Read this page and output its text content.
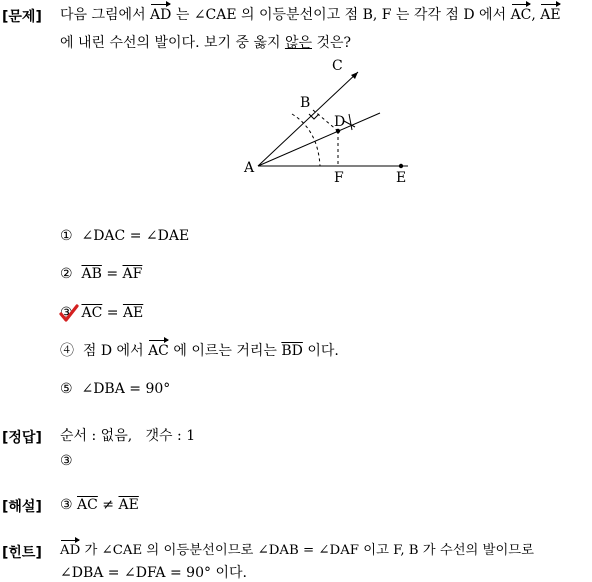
[문제] 다음 그림에서 AD 는 ∠CAE 의 이등분선이고 점 B, F 는 각각 점 D 에서 AC, AE
에 내린 수선의 발이다. 보기 중 옳지 않은 것은?
A
B
C
D
E
F
① ∠DAC = ∠DAE
② $\overline{AB} = \overline{AF}$
③ $\overline{AC} = \overline{AE}$
④ 점 D 에서 AC 에 이르는 거리는 $\overline{BD}$ 이다.
⑤ ∠DBA = 90°
[정답] 순서 : 없음, 갯수 : 1
③
[해설] ③ $\overline{AC} \ne \overline{AE}$
[힌트] AD 가 ∠CAE 의 이등분선이므로 ∠DAB = ∠DAF 이고 F, B 가 수선의 발이므로
∠DBA = ∠DFA = 90° 이다.
